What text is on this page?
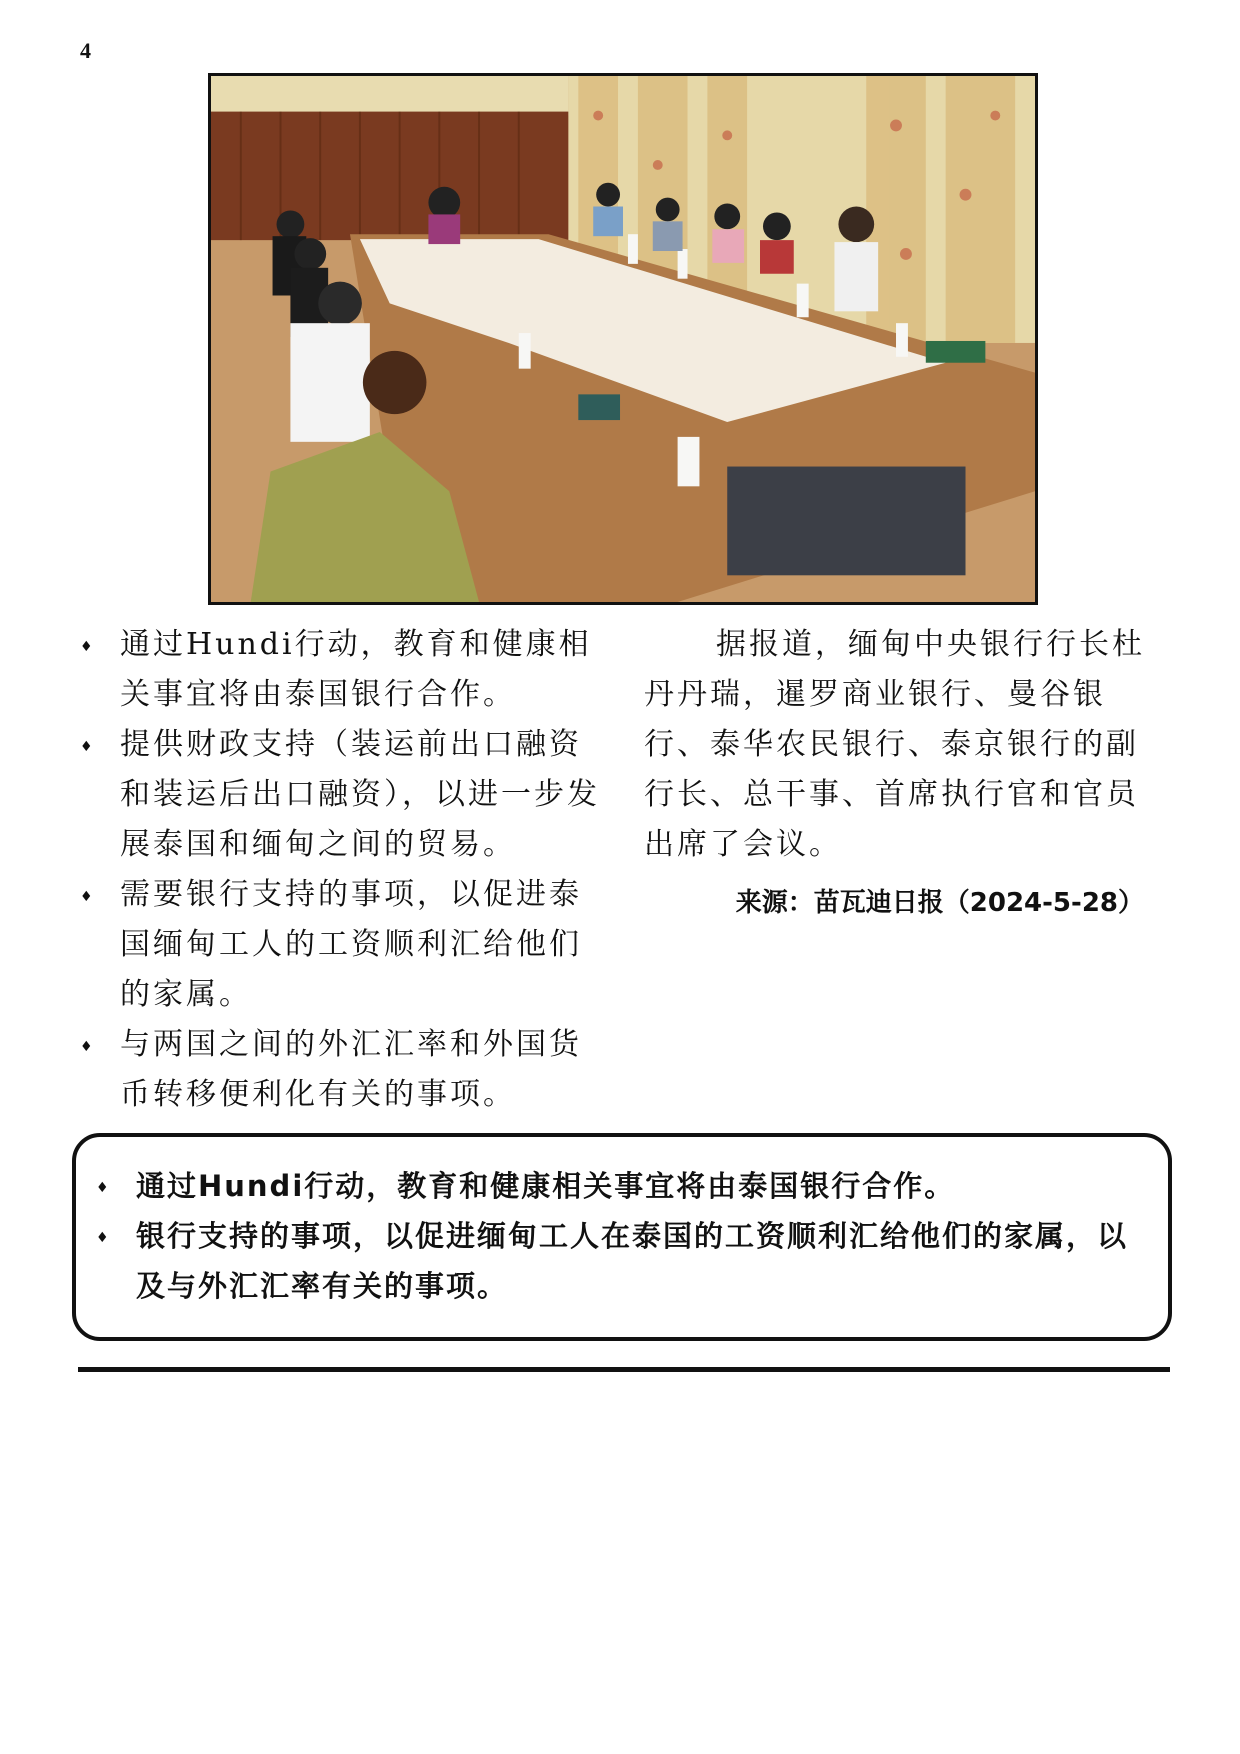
4
♦ 通过Hundi行动，教育和健康相关事宜将由泰国银行合作。
♦ 提供财政支持（装运前出口融资和装运后出口融资），以进一步发展泰国和缅甸之间的贸易。
♦ 需要银行支持的事项，以促进泰国缅甸工人的工资顺利汇给他们的家属。
♦ 与两国之间的外汇汇率和外国货币转移便利化有关的事项。
据报道，缅甸中央银行行长杜丹丹瑞，暹罗商业银行、曼谷银行、泰华农民银行、泰京银行的副行长、总干事、首席执行官和官员出席了会议。
来源：苗瓦迪日报（2024-5-28）
♦ 通过Hundi行动，教育和健康相关事宜将由泰国银行合作。
♦ 银行支持的事项，以促进缅甸工人在泰国的工资顺利汇给他们的家属，以及与外汇汇率有关的事项。
